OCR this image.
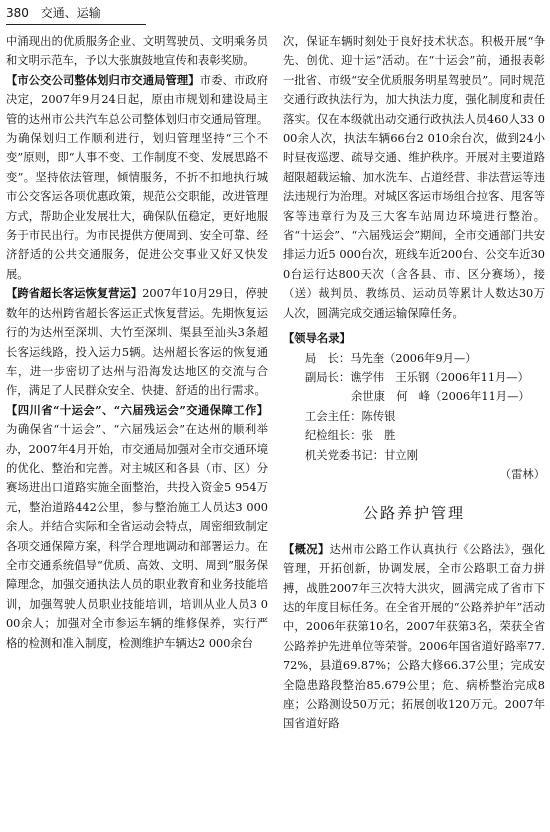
380 交通、运输

中涌现出的优质服务企业、文明驾驶员、文明乘务员和文明示范车，予以大张旗鼓地宣传和表彰奖励。

【市公交公司整体划归市交通局管理】市委、市政府决定，2007年9月24日起，原由市规划和建设局主管的达州市公共汽车总公司整体划归市交通局管理。为确保划归工作顺利进行，划归管理坚持“三个不变”原则，即“人事不变、工作制度不变、发展思路不变”。坚持依法管理，倾情服务，不折不扣地执行城市公交客运各项优惠政策，规范公交职能，改进管理方式，帮助企业发展壮大，确保队伍稳定，更好地服务于市民出行。为市民提供方便周到、安全可靠、经济舒适的公共交通服务，促进公交事业又好又快发展。

【跨省超长客运恢复营运】2007年10月29日，停驶数年的达州跨省超长客运正式恢复营运。先期恢复运行的为达州至深圳、大竹至深圳、渠县至汕头3条超长客运线路，投入运力5辆。达州超长客运的恢复通车，进一步密切了达州与沿海发达地区的交流与合作，满足了人民群众安全、快捷、舒适的出行需求。

【四川省“十运会”、“六届残运会”交通保障工作】为确保省“十运会”、“六届残运会”在达州的顺利举办，2007年4月开始，市交通局加强对全市交通环境的优化、整治和完善。对主城区和各县（市、区）分赛场进出口道路实施全面整治，共投入资金5 954万元，整治道路442公里，参与整治施工人员达3 000余人。并结合实际和全省运动会特点，周密细致制定各项交通保障方案，科学合理地调动和部署运力。在全市交通系统倡导“优质、高效、文明、周到”服务保障理念，加强交通执法人员的职业教育和业务技能培训，加强驾驶人员职业技能培训，培训从业人员3 000余人；加强对全市参运车辆的维修保养，实行严格的检测和准入制度，检测维护车辆达2 000余台

次，保证车辆时刻处于良好技术状态。积极开展“争先、创优、迎十运”活动。在“十运会”前，通报表彰一批省、市级“安全优质服务明星驾驶员”。同时规范交通行政执法行为，加大执法力度，强化制度和责任落实。仅在本级就出动交通行政执法人员460人33 000余人次，执法车辆66台2 010余台次，做到24小时昼夜巡逻、疏导交通、维护秩序。开展对主要道路超限超载运输、加水洗车、占道经营、非法营运等违法违规行为治理。对城区客运市场组合拉客、甩客等客等违章行为及三大客车站周边环境进行整治。省“十运会”、“六届残运会”期间，全市交通部门共安排运力近5 000台次，班线车近200台、公交车近300台运行达800天次（含各县、市、区分赛场），接（送）裁判员、教练员、运动员等累计人数达30万人次，圆满完成交通运输保障任务。

【领导名录】

局　长：马先奎（2006年9月—）

副局长：谯学伟　王乐钢（2006年11月—）

余世康　何　峰（2006年11月—）

工会主任：陈传银

纪检组长：张　胜

机关党委书记：甘立刚

（雷林）

公路养护管理

【概况】达州市公路工作认真执行《公路法》，强化管理，开拓创新，协调发展，全市公路职工奋力拼搏，战胜2007年三次特大洪灾，圆满完成了省市下达的年度目标任务。在全省开展的“公路养护年”活动中，2006年获第10名，2007年获第3名，荣获全省公路养护先进单位等荣誉。2006年国省道好路率77.72%，县道69.87%；公路大修66.37公里；完成安全隐患路段整治85.679公里；危、病桥整治完成8座；公路测设50万元；拓展创收120万元。2007年国省道好路
